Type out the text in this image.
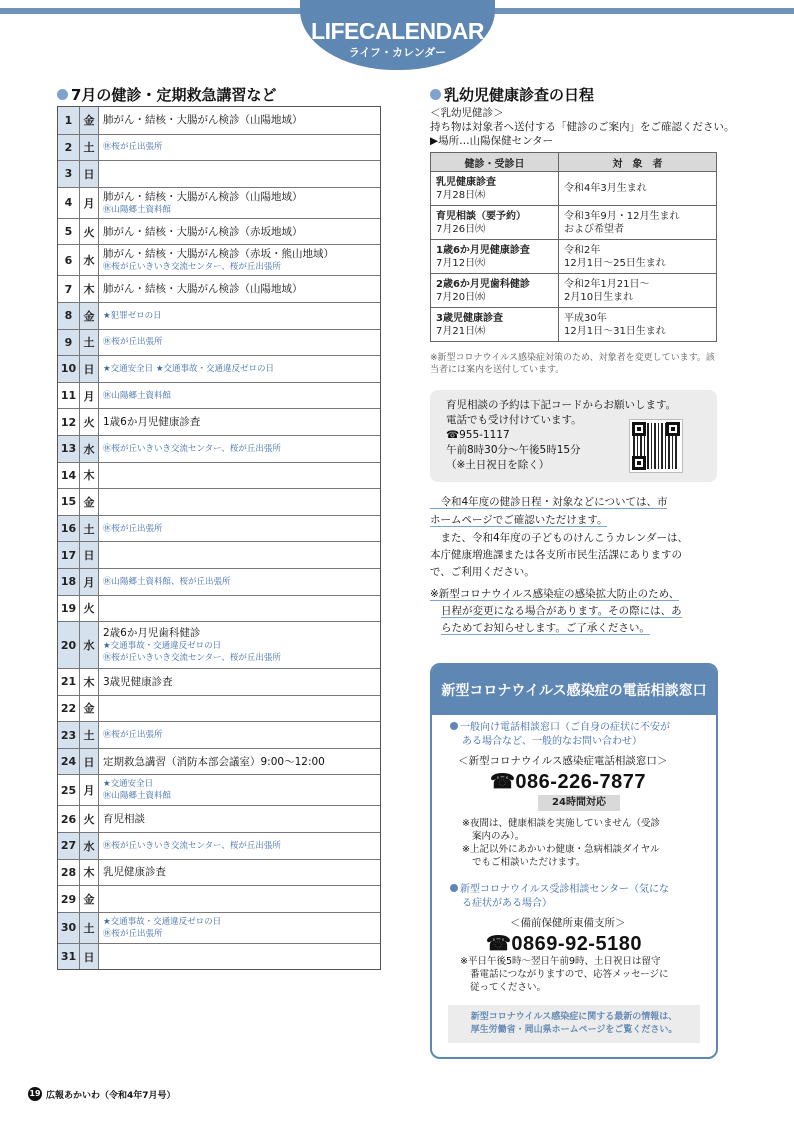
LIFECALENDAR
ライフ・カレンダー
7月の健診・定期救急講習など
1	金 肺がん・結核・大腸がん検診（山陽地域）
2	土	㊡桜が丘出張所
3	日
4	月 肺がん・結核・大腸がん検診（山陽地域）
㊡山陽郷土資料館
5	火 肺がん・結核・大腸がん検診（赤坂地域）
6	水 肺がん・結核・大腸がん検診（赤坂・熊山地域）
㊡桜が丘いきいき交流センター、桜が丘出張所
7	木 肺がん・結核・大腸がん検診（山陽地域）
8	金	★犯罪ゼロの日
9	土	㊡桜が丘出張所
10 日	★交通安全日 ★交通事故・交通違反ゼロの日
11 月	㊡山陽郷土資料館
12 火 1歳6か月児健康診査
13 水	㊡桜が丘いきいき交流センター、桜が丘出張所
14 木
15 金
16 土	㊡桜が丘出張所
17 日
18 月	㊡山陽郷土資料館、桜が丘出張所
19 火
20 水
2歳6か月児歯科健診
★交通事故・交通違反ゼロの日
㊡桜が丘いきいき交流センター、桜が丘出張所
21 木 3歳児健康診査
22 金
23 土	㊡桜が丘出張所
24 日 定期救急講習（消防本部会議室）9:00～12:00
25 月	★交通安全日
㊡山陽郷土資料館
26 火 育児相談
27 水	㊡桜が丘いきいき交流センター、桜が丘出張所
28 木 乳児健康診査
29 金
30 土	★交通事故・交通違反ゼロの日
㊡桜が丘出張所
31 日
乳幼児健康診査の日程
＜乳幼児健診＞
持ち物は対象者へ送付する「健診のご案内」をご確認ください。
▶場所…山陽保健センター
健診・受診日	対　象　者
乳児健康診査
7月28日㈭	令和4年3月生まれ
育児相談（要予約）
7月26日㈫	令和3年9月・12月生まれ
および希望者
1歳6か月児健康診査
7月12日㈫	令和2年
12月1日～25日生まれ
2歳6か月児歯科健診
7月20日㈬	令和2年1月21日～
2月10日生まれ
3歳児健康診査
7月21日㈭	平成30年
12月1日～31日生まれ
※新型コロナウイルス感染症対策のため、対象者を変更しています。該当者には案内を送付しています。
育児相談の予約は下記コードからお願いします。
電話でも受け付けています。
☎955-1117
午前8時30分～午後5時15分
（※土日祝日を除く）
　令和4年度の健診日程・対象などについては、市
ホームページでご確認いただけます。
　また、令和4年度の子どものけんこうカレンダーは、
本庁健康増進課または各支所市民生活課にありますの
で、ご利用ください。
※新型コロナウイルス感染症の感染拡大防止のため、
日程が変更になる場合があります。その際には、あ
らためてお知らせします。ご了承ください。
新型コロナウイルス感染症の電話相談窓口
一般向け電話相談窓口（ご自身の症状に不安が
ある場合など、一般的なお問い合わせ）
＜新型コロナウイルス感染症電話相談窓口＞
☎086-226-7877
24時間対応
※夜間は、健康相談を実施していません（受診
案内のみ）。
※上記以外にあかいわ健康・急病相談ダイヤル
でもご相談いただけます。
新型コロナウイルス受診相談センター（気にな
る症状がある場合）
＜備前保健所東備支所＞
☎0869-92-5180
※平日午後5時～翌日午前9時、土日祝日は留守
番電話につながりますので、応答メッセージに
従ってください。
新型コロナウイルス感染症に関する最新の情報は、
厚生労働省・岡山県ホームページをご覧ください。
19 広報あかいわ（令和4年7月号）
